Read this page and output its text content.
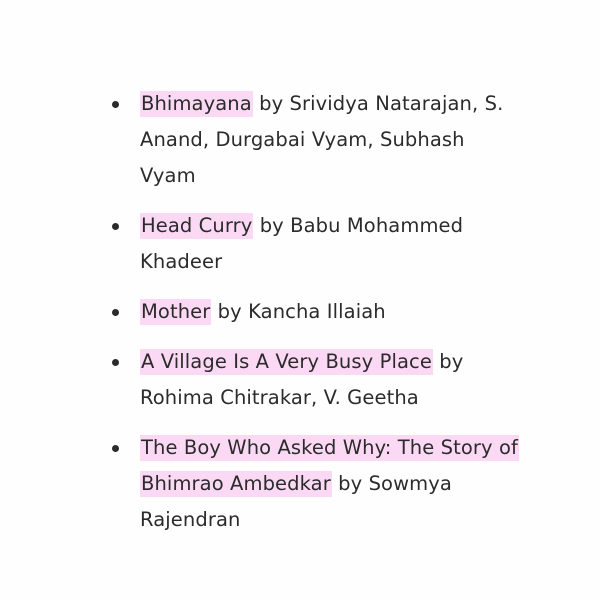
Bhimayana by Srividya Natarajan, S. Anand, Durgabai Vyam, Subhash Vyam
Head Curry by Babu Mohammed Khadeer
Mother by Kancha Illaiah
A Village Is A Very Busy Place by Rohima Chitrakar, V. Geetha
The Boy Who Asked Why: The Story of Bhimrao Ambedkar by Sowmya Rajendran
